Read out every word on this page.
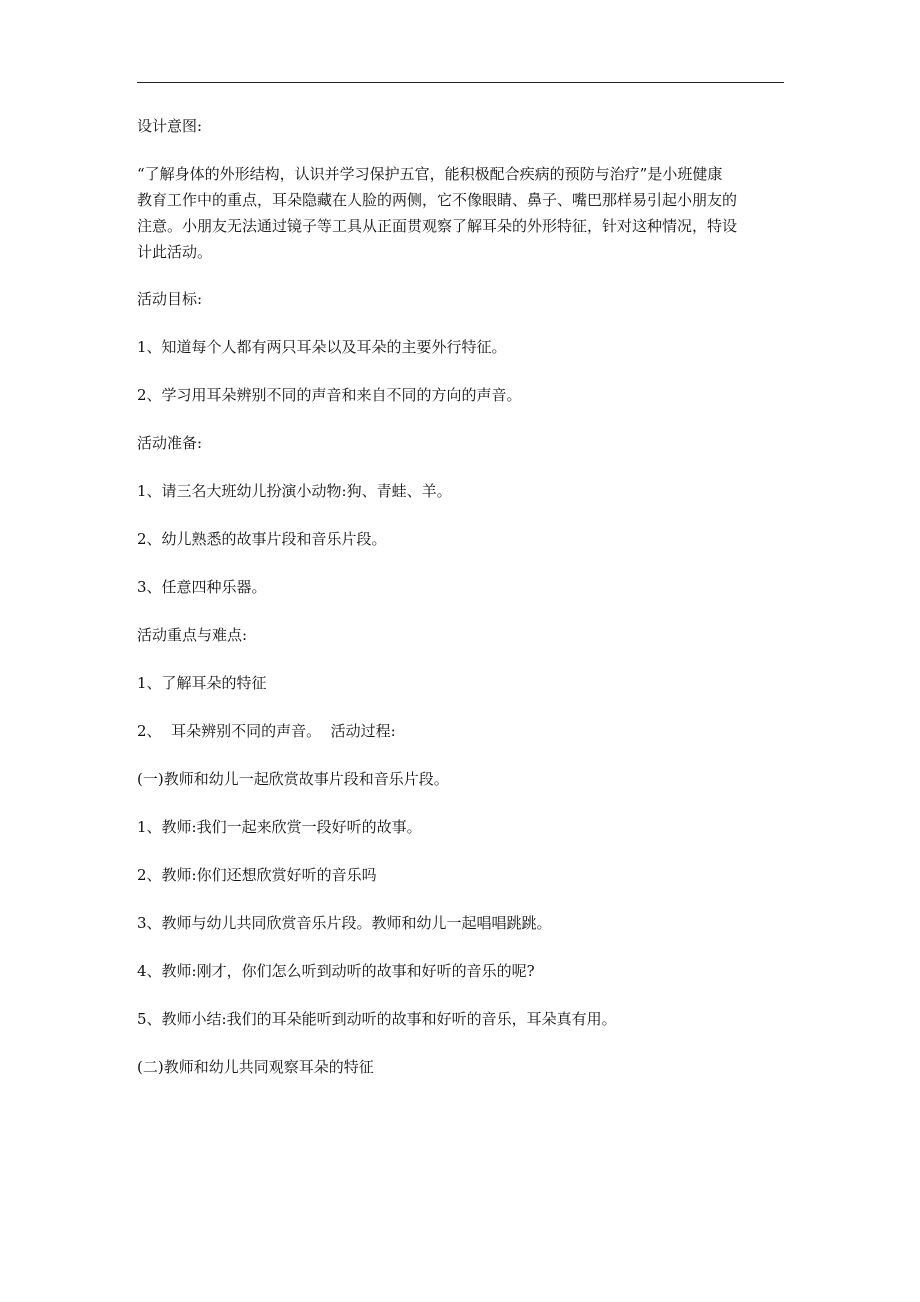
设计意图:

“了解身体的外形结构，认识并学习保护五官，能积极配合疾病的预防与治疗”是小班健康

教育工作中的重点，耳朵隐藏在人脸的两侧，它不像眼睛、鼻子、嘴巴那样易引起小朋友的

注意。小朋友无法通过镜子等工具从正面贯观察了解耳朵的外形特征，针对这种情况，特设

计此活动。

活动目标:

1、知道每个人都有两只耳朵以及耳朵的主要外行特征。

2、学习用耳朵辨别不同的声音和来自不同的方向的声音。

活动准备:

1、请三名大班幼儿扮演小动物:狗、青蛙、羊。

2、幼儿熟悉的故事片段和音乐片段。

3、任意四种乐器。

活动重点与难点:

1、了解耳朵的特征

2、  耳朵辨别不同的声音。  活动过程:

(一)教师和幼儿一起欣赏故事片段和音乐片段。

1、教师:我们一起来欣赏一段好听的故事。

2、教师:你们还想欣赏好听的音乐吗

3、教师与幼儿共同欣赏音乐片段。教师和幼儿一起唱唱跳跳。

4、教师:刚才，你们怎么听到动听的故事和好听的音乐的呢?

5、教师小结:我们的耳朵能听到动听的故事和好听的音乐，耳朵真有用。

(二)教师和幼儿共同观察耳朵的特征
